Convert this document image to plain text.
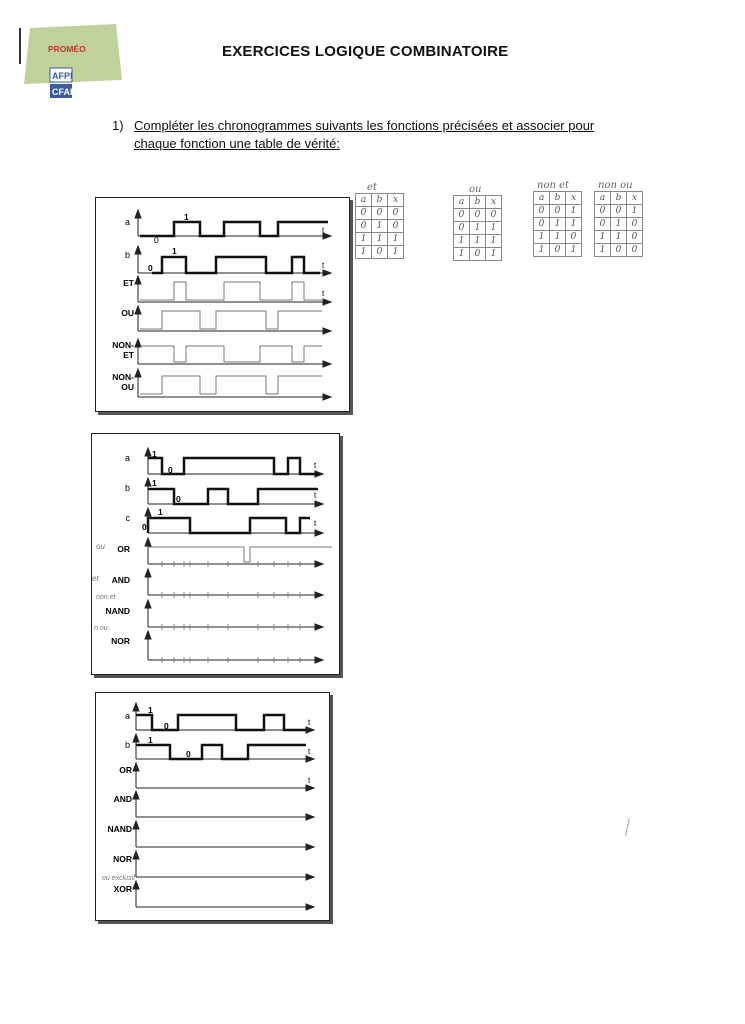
PROMÉO
AFPI
CFAI
EXERCICES LOGIQUE COMBINATOIRE
1) Compléter les chronogrammes suivants les fonctions précisées et associer pour
chaque fonction une table de vérité:
et
a	b	x
0	0	0
0	1	0
1	1	1
1	0	1
ou
a	b	x
0	0	0
0	1	1
1	1	1
1	0	1
non et
a	b	x
0	0	1
0	1	1
1	1	0
1	0	1
non ou
a	b	x
0	0	1
0	1	0
1	1	0
1	0	0
a
b
ET
OU
NON-
ET
NON-
OU
0
1
0
1
t
t
t
a
b
c
OR
AND
NAND
NOR
ou
et
non et
n ou
1
0
1
0
0
1
t
t
t
a
b
OR
AND
NAND
NOR
XOR
ou exclusif
1
0
1
0
t
t
t
